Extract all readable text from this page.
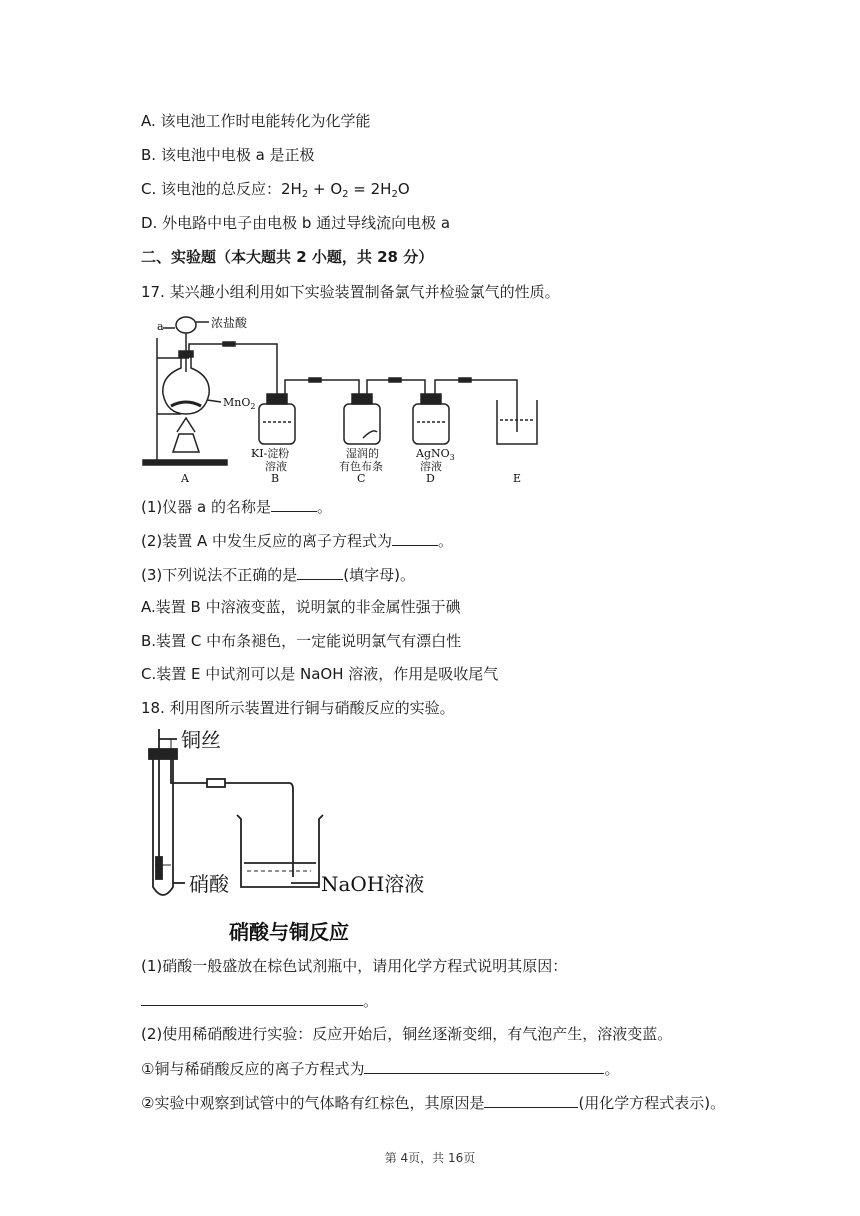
A. 该电池工作时电能转化为化学能
B. 该电池中电极 a 是正极
C. 该电池的总反应：$2H_2 + O_2 = 2H_2O$
D. 外电路中电子由电极 b 通过导线流向电极 a
二、实验题（本大题共 2 小题，共 28 分）
17. 某兴趣小组利用如下实验装置制备氯气并检验氯气的性质。
a	浓盐酸
MnO$_2$
KI-淀粉
溶液
湿润的
有色布条
AgNO$_3$
溶液
A	B	C	D	E
(1)仪器 a 的名称是	。
(2)装置 A 中发生反应的离子方程式为	。
(3)下列说法不正确的是	(填字母)。
A.装置 B 中溶液变蓝，说明氯的非金属性强于碘
B.装置 C 中布条褪色，一定能说明氯气有漂白性
C.装置 E 中试剂可以是 NaOH 溶液，作用是吸收尾气
18. 利用图所示装置进行铜与硝酸反应的实验。
铜丝
硝酸	NaOH溶液
硝酸与铜反应
(1)硝酸一般盛放在棕色试剂瓶中，请用化学方程式说明其原因：
。
(2)使用稀硝酸进行实验：反应开始后，铜丝逐渐变细，有气泡产生，溶液变蓝。
①铜与稀硝酸反应的离子方程式为	。
②实验中观察到试管中的气体略有红棕色，其原因是	(用化学方程式表示)。
第 4页，共 16页
